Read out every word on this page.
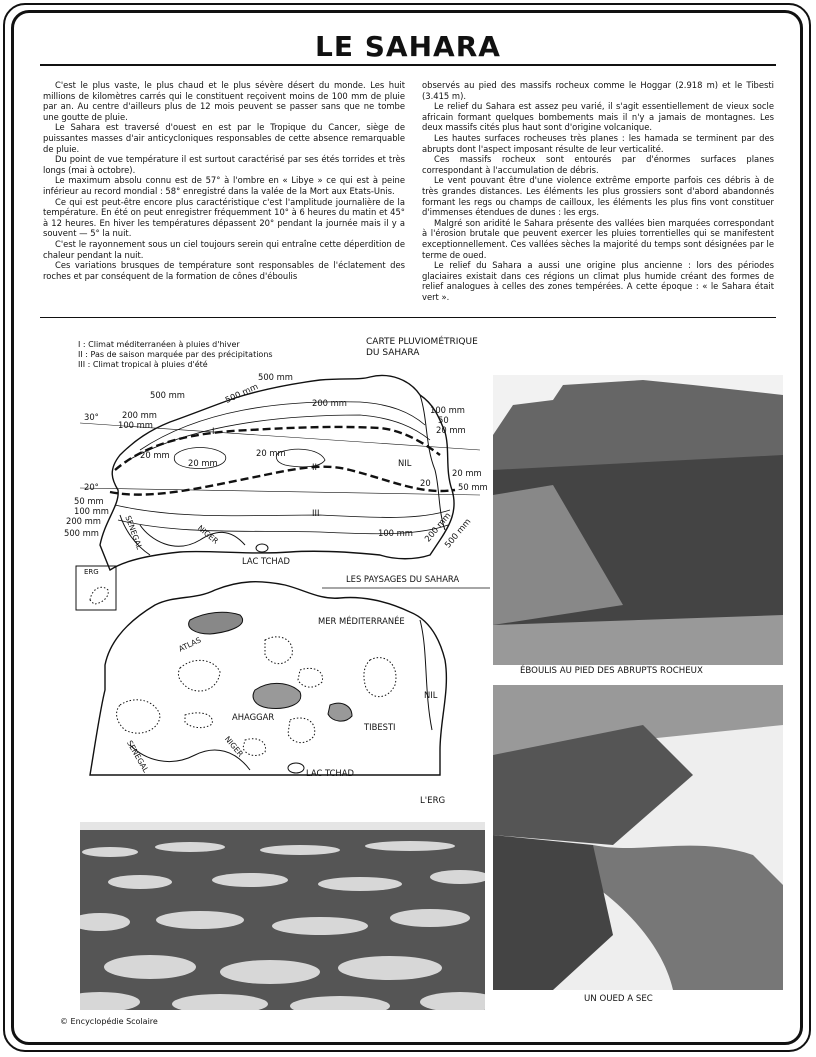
LE SAHARA

C'est le plus vaste, le plus chaud et le plus sévère désert du monde. Les huit millions de kilomètres carrés qui le constituent reçoivent moins de 100 mm de pluie par an. Au centre d'ailleurs plus de 12 mois peuvent se passer sans que ne tombe une goutte de pluie.

Le Sahara est traversé d'ouest en est par le Tropique du Cancer, siège de puissantes masses d'air anticycloniques responsables de cette absence remarquable de pluie.

Du point de vue température il est surtout caractérisé par ses étés torrides et très longs (mai à octobre).

Le maximum absolu connu est de 57° à l'ombre en « Libye » ce qui est à peine inférieur au record mondial : 58° enregistré dans la valée de la Mort aux Etats-Unis.

Ce qui est peut-être encore plus caractéristique c'est l'amplitude journalière de la température. En été on peut enregistrer fréquemment 10° à 6 heures du matin et 45° à 12 heures. En hiver les températures dépassent 20° pendant la journée mais il y a souvent — 5° la nuit.

C'est le rayonnement sous un ciel toujours serein qui entraîne cette déperdition de chaleur pendant la nuit.

Ces variations brusques de température sont responsables de l'éclatement des roches et par conséquent de la formation de cônes d'éboulis

observés au pied des massifs rocheux comme le Hoggar (2.918 m) et le Tibesti (3.415 m).

Le relief du Sahara est assez peu varié, il s'agit essentiellement de vieux socle africain formant quelques bombements mais il n'y a jamais de montagnes. Les deux massifs cités plus haut sont d'origine volcanique.

Les hautes surfaces rocheuses très planes : les hamada se terminent par des abrupts dont l'aspect imposant résulte de leur verticalité.

Ces massifs rocheux sont entourés par d'énormes surfaces planes correspondant à l'accumulation de débris.

Le vent pouvant être d'une violence extrême emporte parfois ces débris à de très grandes distances. Les éléments les plus grossiers sont d'abord abandonnés formant les regs ou champs de cailloux, les éléments les plus fins vont constituer d'immenses étendues de dunes : les ergs.

Malgré son aridité le Sahara présente des vallées bien marquées correspondant à l'érosion brutale que peuvent exercer les pluies torrentielles qui se manifestent exceptionnellement. Ces vallées sèches la majorité du temps sont désignées par le terme de oued.

Le relief du Sahara a aussi une origine plus ancienne : lors des périodes glaciaires existait dans ces régions un climat plus humide créant des formes de relief analogues à celles des zones tempérées. A cette époque : « le Sahara était vert ».

I : Climat méditerranéen à pluies d'hiver
II : Pas de saison marquée par des précipitations
III : Climat tropical à pluies d'été
CARTE PLUVIOMÉTRIQUE
DU SAHARA
500 mm
500 mm
200 mm
200 mm
100 mm
100 mm
50
20 mm
30°
20°
I
II
III
20 mm
20 mm
20 mm
20 mm
20	50 mm
50 mm
100 mm
200 mm
500 mm	100 mm 200 mm
500 mm
500 mm
NIL
SENEGAL	NIGER
LAC TCHAD
LES PAYSAGES DU SAHARA
ERG
MER MÉDITERRANÉE
ATLAS
AHAGGAR
TIBESTI
NIL
SENEGAL	NIGER
LAC TCHAD
L'ERG
ÉBOULIS AU PIED DES ABRUPTS ROCHEUX
UN OUED A SEC
© Encyclopédie Scolaire
